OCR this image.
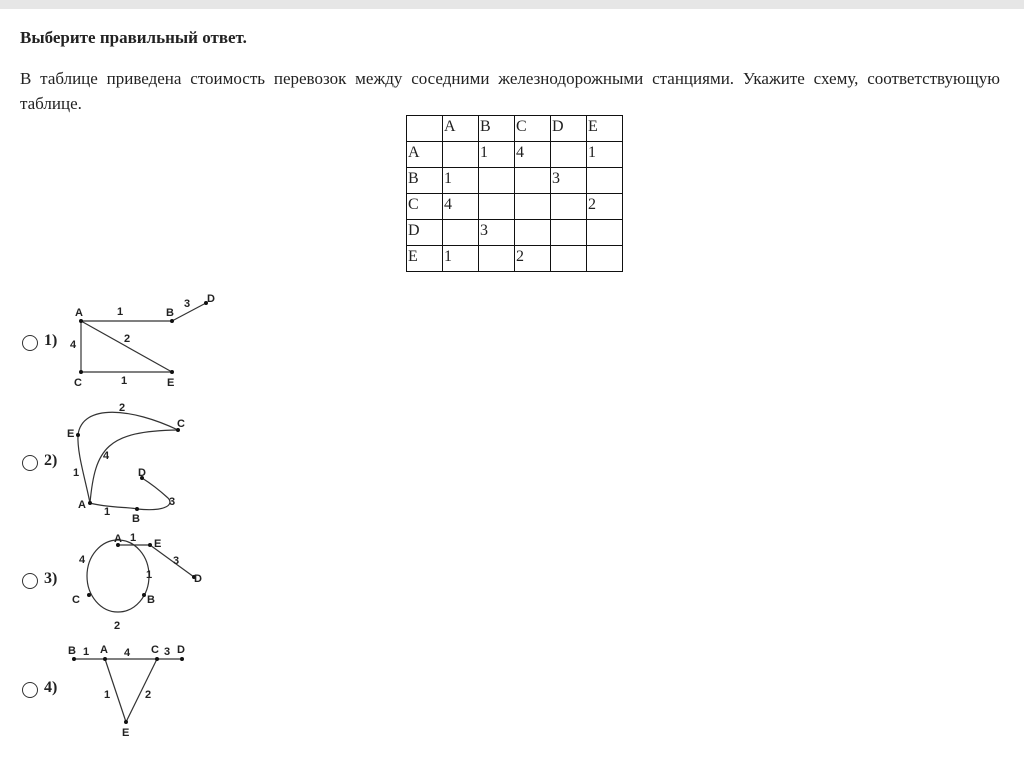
Выберите правильный ответ.
В таблице приведена стоимость перевозок между соседними железнодорожными станциями. Укажите схему, соответствующую таблице.
	A	B	C	D	E
A		1	4		1
B	1			3	
C	4				2
D		3			
E	1		2		
1)
A	B
D
C	E
1
3
2
4
1
2)
E
C
D
A
B
2
4
1
3
1
3)
A	E
D
C	B
1
3
4
1
2
4)
B A	C D
E
1	4	3
1	2
